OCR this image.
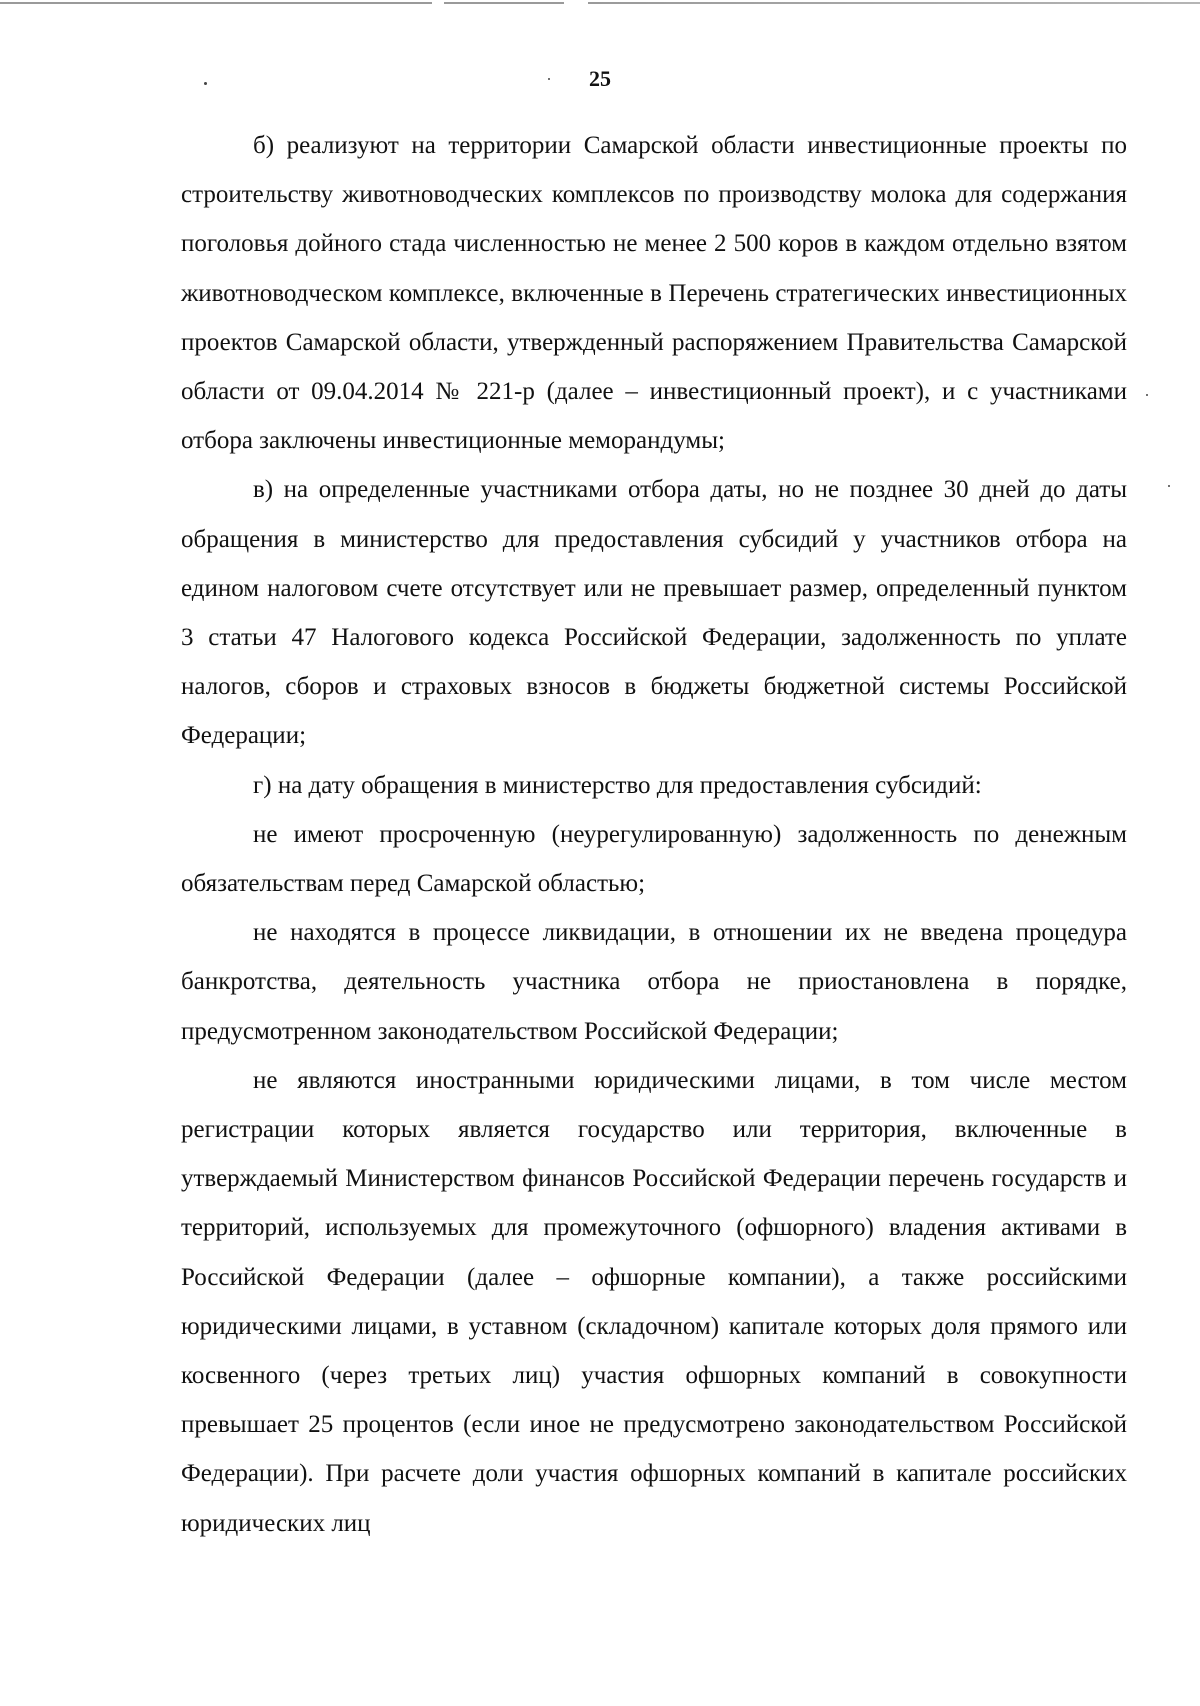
25

б) реализуют на территории Самарской области инвестиционные проекты по строительству животноводческих комплексов по производству молока для содержания поголовья дойного стада численностью не менее 2 500 коров в каждом отдельно взятом животноводческом комплексе, включенные в Перечень стратегических инвестиционных проектов Самарской области, утвержденный распоряжением Правительства Самарской области от 09.04.2014 № 221-р (далее – инвестиционный проект), и с участниками отбора заключены инвестиционные меморандумы;

в) на определенные участниками отбора даты, но не позднее 30 дней до даты обращения в министерство для предоставления субсидий у участников отбора на едином налоговом счете отсутствует или не превышает размер, определенный пунктом 3 статьи 47 Налогового кодекса Российской Федерации, задолженность по уплате налогов, сборов и страховых взносов в бюджеты бюджетной системы Российской Федерации;

г) на дату обращения в министерство для предоставления субсидий:

не имеют просроченную (неурегулированную) задолженность по денежным обязательствам перед Самарской областью;

не находятся в процессе ликвидации, в отношении их не введена процедура банкротства, деятельность участника отбора не приостановлена в порядке, предусмотренном законодательством Российской Федерации;

не являются иностранными юридическими лицами, в том числе местом регистрации которых является государство или территория, включенные в утверждаемый Министерством финансов Российской Федерации перечень государств и территорий, используемых для промежуточного (офшорного) владения активами в Российской Федерации (далее – офшорные компании), а также российскими юридическими лицами, в уставном (складочном) капитале которых доля прямого или косвенного (через третьих лиц) участия офшорных компаний в совокупности превышает 25 процентов (если иное не предусмотрено законодательством Российской Федерации). При расчете доли участия офшорных компаний в капитале российских юридических лиц
